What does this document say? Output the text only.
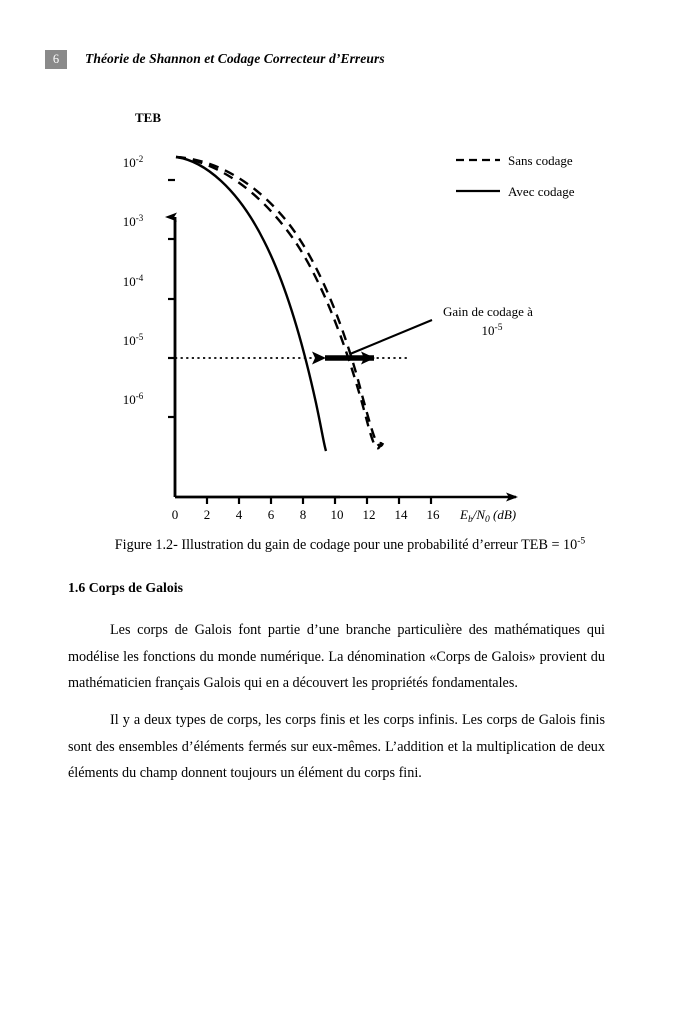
6	Théorie de Shannon et Codage Correcteur d’Erreurs
$10^{-2}$
$10^{-3}$
$10^{-4}$
$10^{-5}$
$10^{-6}$
TEB
0 2 4 6 8 10 12 14 16 $E_b/N_0$ (dB)
Gain de codage à
$10^{-5}$
Sans codage
Avec codage
Figure 1.2- Illustration du gain de codage pour une probabilité d’erreur TEB = $10^{-5}$
1.6 Corps de Galois
Les corps de Galois font partie d’une branche particulière des mathématiques qui modélise les fonctions du monde numérique. La dénomination «Corps de Galois» provient du mathématicien français Galois qui en a découvert les propriétés fondamentales.
Il y a deux types de corps, les corps finis et les corps infinis. Les corps de Galois finis sont des ensembles d’éléments fermés sur eux-mêmes. L’addition et la multiplication de deux éléments du champ donnent toujours un élément du corps fini.
